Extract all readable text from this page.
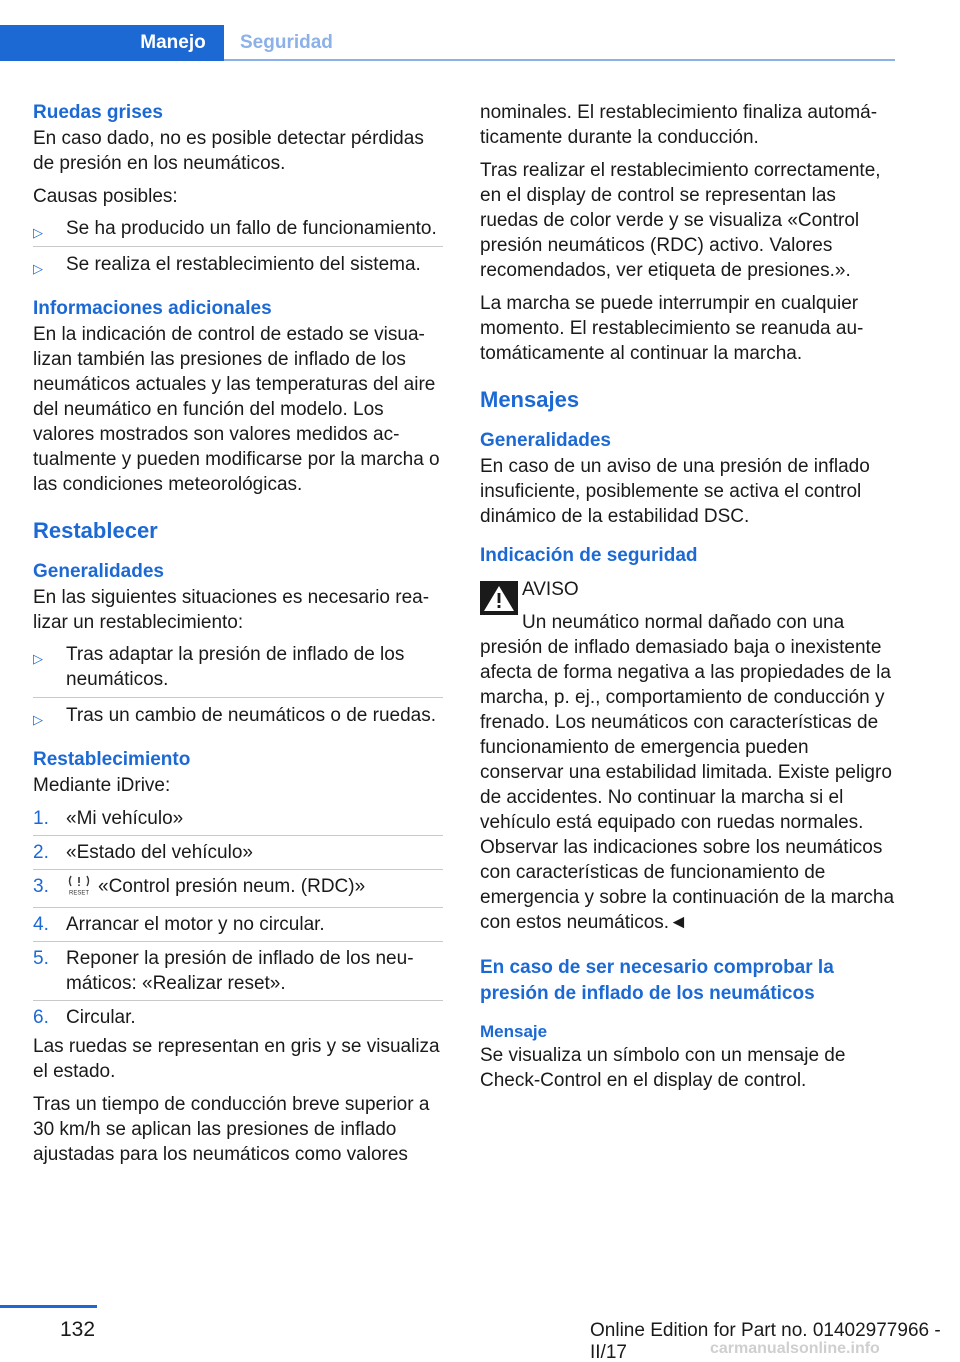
Manejo	Seguridad
Ruedas grises
En caso dado, no es posible detectar pérdidas de presión en los neumáticos.
Causas posibles:
▷ Se ha producido un fallo de funcionamiento.
▷ Se realiza el restablecimiento del sistema.
Informaciones adicionales
En la indicación de control de estado se visualizan también las presiones de inflado de los neumáticos actuales y las temperaturas del aire del neumático en función del modelo. Los valores mostrados son valores medidos actualmente y pueden modificarse por la marcha o las condiciones meteorológicas.
Restablecer
Generalidades
En las siguientes situaciones es necesario realizar un restablecimiento:
▷ Tras adaptar la presión de inflado de los neumáticos.
▷ Tras un cambio de neumáticos o de ruedas.
Restablecimiento
Mediante iDrive:
1. «Mi vehículo»
2. «Estado del vehículo»
3.	RESET «Control presión neum. (RDC)»
4. Arrancar el motor y no circular.
5. Reponer la presión de inflado de los neumáticos: «Realizar reset».
6. Circular.
Las ruedas se representan en gris y se visualiza el estado.
Tras un tiempo de conducción breve superior a 30 km/h se aplican las presiones de inflado ajustadas para los neumáticos como valores
nominales. El restablecimiento finaliza automáticamente durante la conducción.
Tras realizar el restablecimiento correctamente, en el display de control se representan las ruedas de color verde y se visualiza «Control presión neumáticos (RDC) activo. Valores recomendados, ver etiqueta de presiones.».
La marcha se puede interrumpir en cualquier momento. El restablecimiento se reanuda automáticamente al continuar la marcha.
Mensajes
Generalidades
En caso de un aviso de una presión de inflado insuficiente, posiblemente se activa el control dinámico de la estabilidad DSC.
Indicación de seguridad
AVISO
Un neumático normal dañado con una
presión de inflado demasiado baja o inexistente afecta de forma negativa a las propiedades de la marcha, p. ej., comportamiento de conducción y frenado. Los neumáticos con características de funcionamiento de emergencia pueden conservar una estabilidad limitada. Existe peligro de accidentes. No continuar la marcha si el vehículo está equipado con ruedas normales. Observar las indicaciones sobre los neumáticos con características de funcionamiento de emergencia y sobre la continuación de la marcha con estos neumáticos.◄
En caso de ser necesario comprobar la presión de inflado de los neumáticos
Mensaje
Se visualiza un símbolo con un mensaje de Check-Control en el display de control.
132	Online Edition for Part no. 01402977966 - II/17	carmanualsonline.info
